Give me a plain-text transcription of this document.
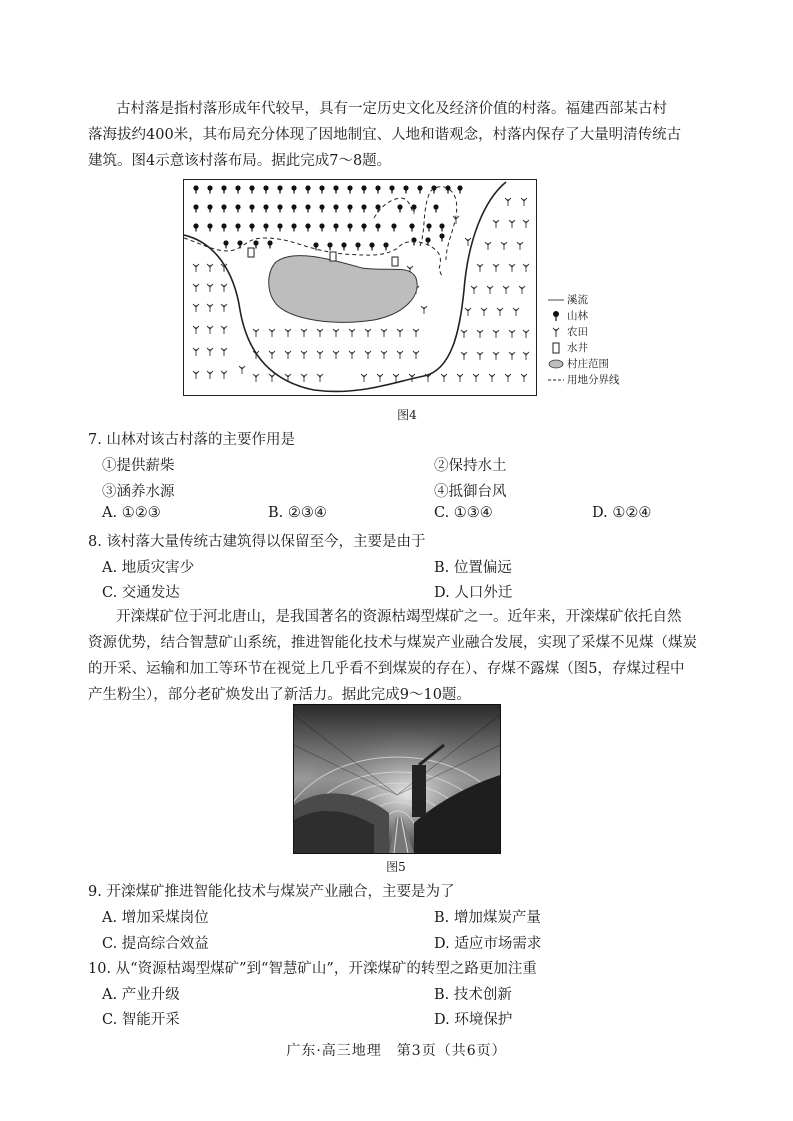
古村落是指村落形成年代较早，具有一定历史文化及经济价值的村落。福建西部某古村

落海拔约400米，其布局充分体现了因地制宜、人地和谐观念，村落内保存了大量明清传统古

建筑。图4示意该村落布局。据此完成7～8题。

溪流
山林
农田
水井
村庄范围
用地分界线
图4
7. 山林对该古村落的主要作用是
①提供薪柴	②保持水土
③涵养水源	④抵御台风
A. ①②③	B. ②③④	C. ①③④	D. ①②④
8. 该村落大量传统古建筑得以保留至今，主要是由于
A. 地质灾害少	B. 位置偏远
C. 交通发达	D. 人口外迁

开滦煤矿位于河北唐山，是我国著名的资源枯竭型煤矿之一。近年来，开滦煤矿依托自然

资源优势，结合智慧矿山系统，推进智能化技术与煤炭产业融合发展，实现了采煤不见煤（煤炭

的开采、运输和加工等环节在视觉上几乎看不到煤炭的存在）、存煤不露煤（图5，存煤过程中

产生粉尘），部分老矿焕发出了新活力。据此完成9～10题。

图5
9. 开滦煤矿推进智能化技术与煤炭产业融合，主要是为了
A. 增加采煤岗位	B. 增加煤炭产量
C. 提高综合效益	D. 适应市场需求
10. 从“资源枯竭型煤矿”到“智慧矿山”，开滦煤矿的转型之路更加注重
A. 产业升级	B. 技术创新
C. 智能开采	D. 环境保护
广东·高三地理　第3页（共6页）
